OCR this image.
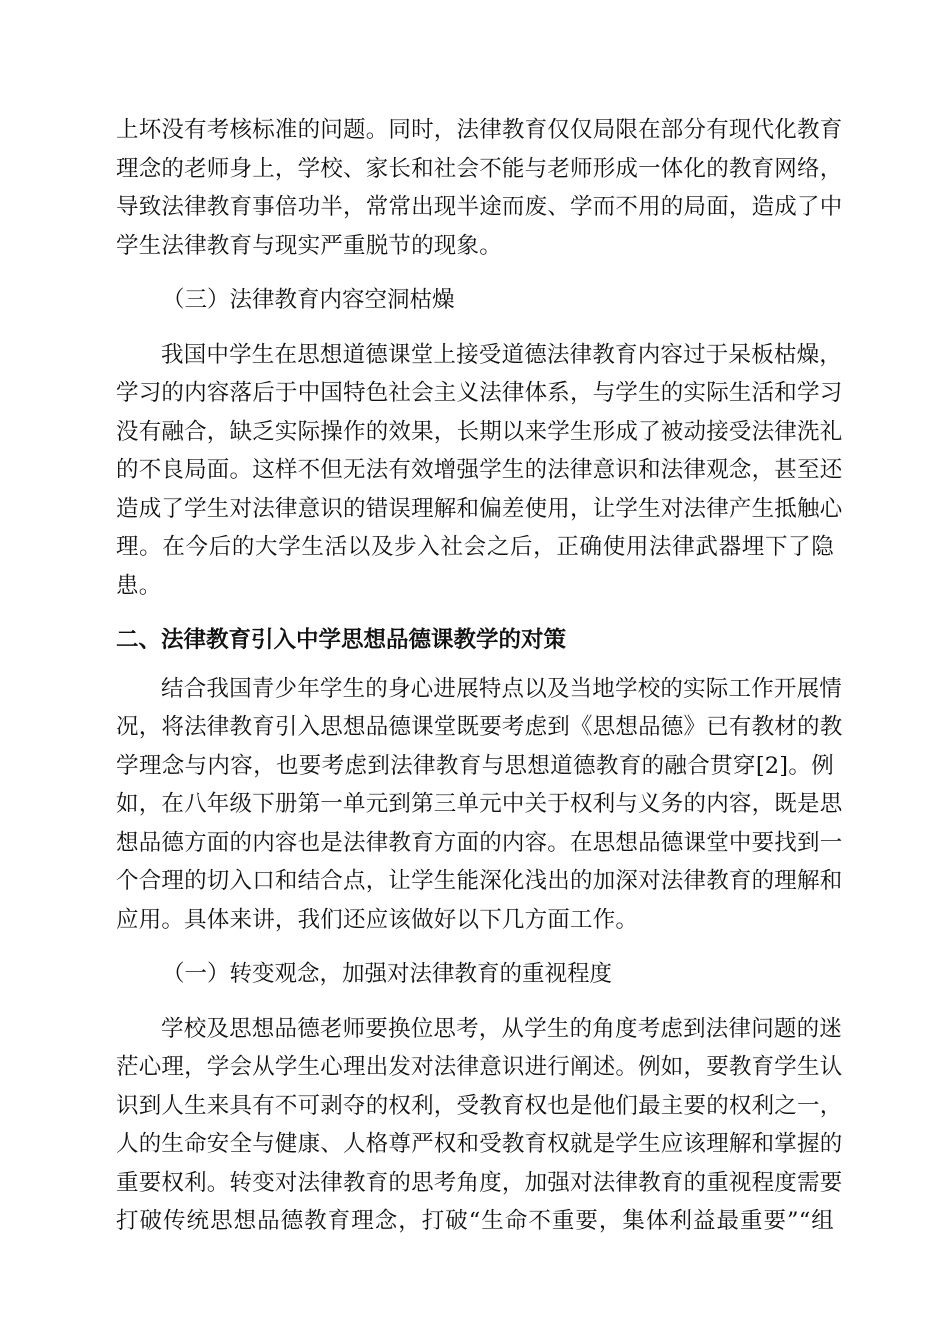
上坏没有考核标准的问题。同时，法律教育仅仅局限在部分有现代化教育
理念的老师身上，学校、家长和社会不能与老师形成一体化的教育网络，
导致法律教育事倍功半，常常出现半途而废、学而不用的局面，造成了中
学生法律教育与现实严重脱节的现象。
（三）法律教育内容空洞枯燥
我国中学生在思想道德课堂上接受道德法律教育内容过于呆板枯燥，
学习的内容落后于中国特色社会主义法律体系，与学生的实际生活和学习
没有融合，缺乏实际操作的效果，长期以来学生形成了被动接受法律洗礼
的不良局面。这样不但无法有效增强学生的法律意识和法律观念，甚至还
造成了学生对法律意识的错误理解和偏差使用，让学生对法律产生抵触心
理。在今后的大学生活以及步入社会之后，正确使用法律武器埋下了隐
患。
二、法律教育引入中学思想品德课教学的对策
结合我国青少年学生的身心进展特点以及当地学校的实际工作开展情
况，将法律教育引入思想品德课堂既要考虑到《思想品德》已有教材的教
学理念与内容，也要考虑到法律教育与思想道德教育的融合贯穿[2]。例
如，在八年级下册第一单元到第三单元中关于权利与义务的内容，既是思
想品德方面的内容也是法律教育方面的内容。在思想品德课堂中要找到一
个合理的切入口和结合点，让学生能深化浅出的加深对法律教育的理解和
应用。具体来讲，我们还应该做好以下几方面工作。
（一）转变观念，加强对法律教育的重视程度
学校及思想品德老师要换位思考，从学生的角度考虑到法律问题的迷
茫心理，学会从学生心理出发对法律意识进行阐述。例如，要教育学生认
识到人生来具有不可剥夺的权利，受教育权也是他们最主要的权利之一，
人的生命安全与健康、人格尊严权和受教育权就是学生应该理解和掌握的
重要权利。转变对法律教育的思考角度，加强对法律教育的重视程度需要
打破传统思想品德教育理念，打破“生命不重要，集体利益最重要”“组
